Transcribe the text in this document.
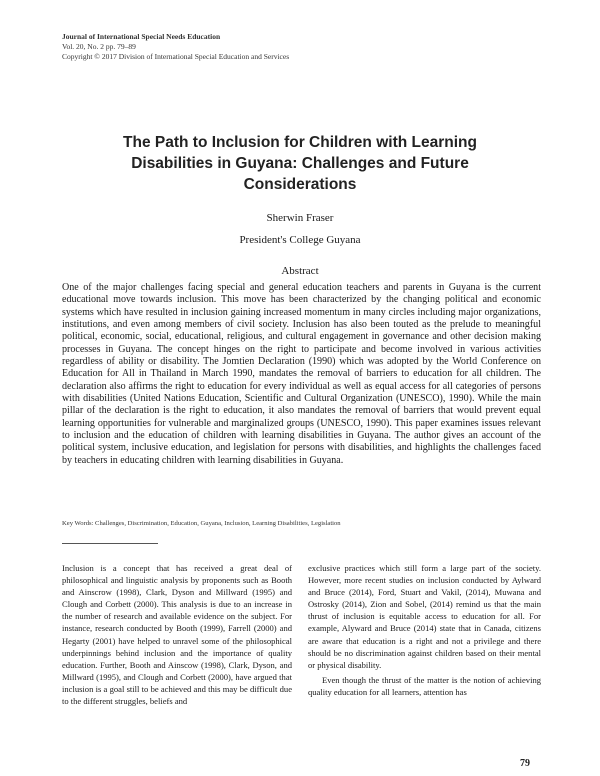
Journal of International Special Needs Education
Vol. 20, No. 2 pp. 79–89
Copyright © 2017 Division of International Special Education and Services
The Path to Inclusion for Children with Learning Disabilities in Guyana: Challenges and Future Considerations
Sherwin Fraser
President's College Guyana
Abstract
One of the major challenges facing special and general education teachers and parents in Guyana is the current educational move towards inclusion. This move has been characterized by the changing political and economic systems which have resulted in inclusion gaining increased momentum in many circles including major organizations, institutions, and even among members of civil society. Inclusion has also been touted as the prelude to meaningful political, economic, social, educational, religious, and cultural engagement in governance and other decision making processes in Guyana. The concept hinges on the right to participate and become involved in various activities regardless of ability or disability. The Jomtien Declaration (1990) which was adopted by the World Conference on Education for All in Thailand in March 1990, mandates the removal of barriers to education for all children. The declaration also affirms the right to education for every individual as well as equal access for all categories of persons with disabilities (United Nations Education, Scientific and Cultural Organization (UNESCO), 1990). While the main pillar of the declaration is the right to education, it also mandates the removal of barriers that would prevent equal learning opportunities for vulnerable and marginalized groups (UNESCO, 1990). This paper examines issues relevant to inclusion and the education of children with learning disabilities in Guyana. The author gives an account of the political system, inclusive education, and legislation for persons with disabilities, and highlights the challenges faced by teachers in educating children with learning disabilities in Guyana.
Key Words: Challenges, Discrimination, Education, Guyana, Inclusion, Learning Disabilities, Legislation

Inclusion is a concept that has received a great deal of philosophical and linguistic analysis by proponents such as Booth and Ainscrow (1998), Clark, Dyson and Millward (1995) and Clough and Corbett (2000). This analysis is due to an increase in the number of research and available evidence on the subject. For instance, research conducted by Booth (1999), Farrell (2000) and Hegarty (2001) have helped to unravel some of the philosophical underpinnings behind inclusion and the importance of quality education. Further, Booth and Ainscow (1998), Clark, Dyson, and Millward (1995), and Clough and Corbett (2000), have argued that inclusion is a goal still to be achieved and this may be difficult due to the different struggles, beliefs and

exclusive practices which still form a large part of the society. However, more recent studies on inclusion conducted by Aylward and Bruce (2014), Ford, Stuart and Vakil, (2014), Muwana and Ostrosky (2014), Zion and Sobel, (2014) remind us that the main thrust of inclusion is equitable access to education for all. For example, Alyward and Bruce (2014) state that in Canada, citizens are aware that education is a right and not a privilege and there should be no discrimination against children based on their mental or physical disability.

Even though the thrust of the matter is the notion of achieving quality education for all learners, attention has

79
